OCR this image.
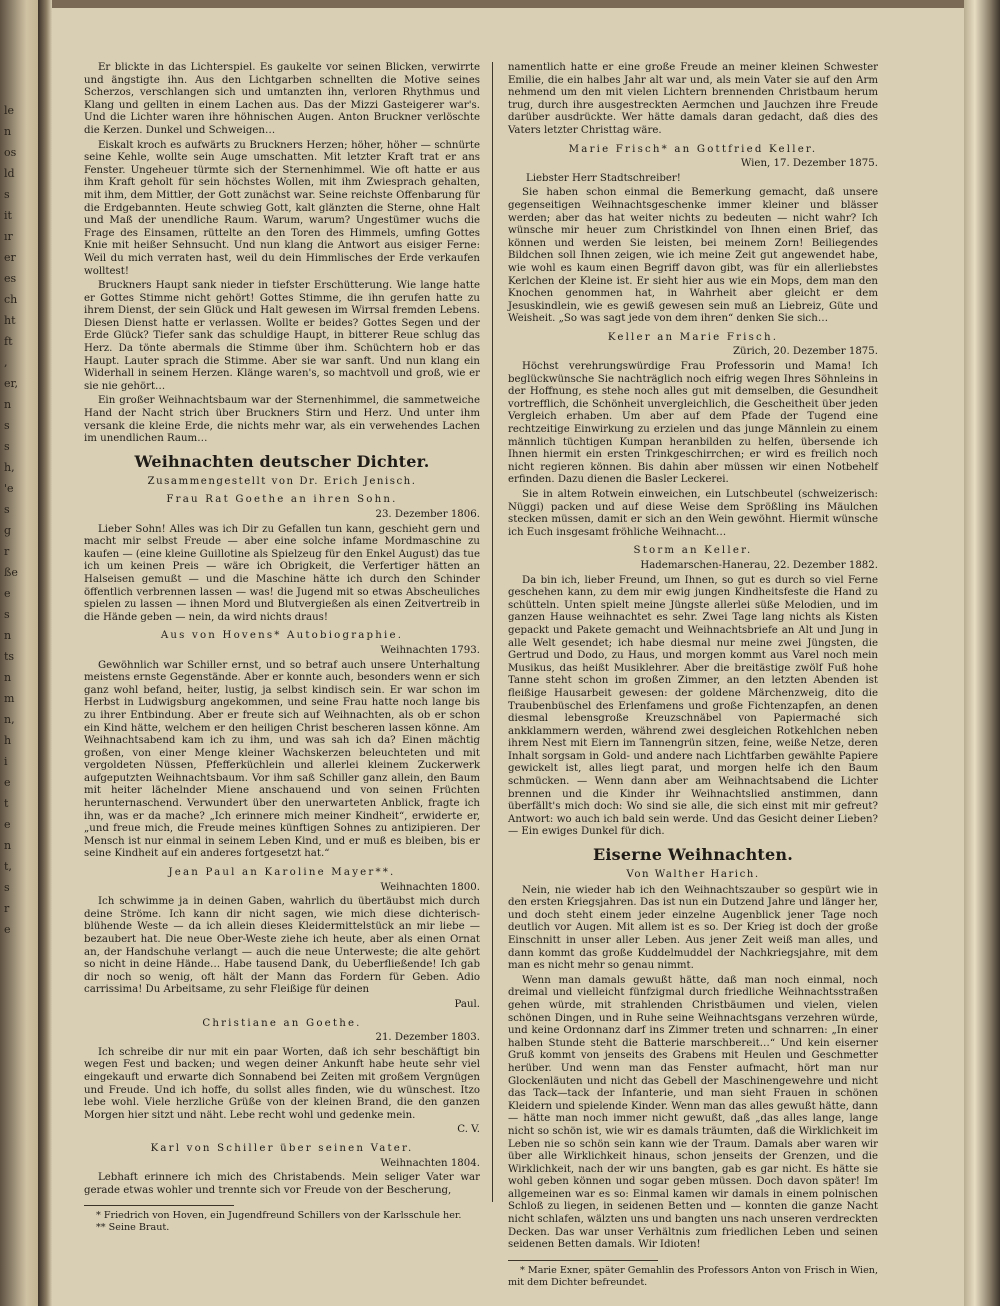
le
n
os
ld
s
it
ır
er
es
ch
ht
ft
,
er,
n
s
s
h,
'e
s
g
r
ße
e
s
n
ts
n
m
n,
h
i
e
t
e
n
t,
s
r
e

Er blickte in das Lichterspiel. Es gaukelte vor seinen Blicken, verwirrte und ängstigte ihn. Aus den Lichtgarben schnellten die Motive seines Scherzos, verschlangen sich und umtanzten ihn, verloren Rhythmus und Klang und gellten in einem Lachen aus. Das der Mizzi Gasteigerer war's. Und die Lichter waren ihre höhnischen Augen. Anton Bruckner verlöschte die Kerzen. Dunkel und Schweigen…

Eiskalt kroch es aufwärts zu Bruckners Herzen; höher, höher — schnürte seine Kehle, wollte sein Auge umschatten. Mit letzter Kraft trat er ans Fenster. Ungeheuer türmte sich der Sternenhimmel. Wie oft hatte er aus ihm Kraft geholt für sein höchstes Wollen, mit ihm Zwiesprach gehalten, mit ihm, dem Mittler, der Gott zunächst war. Seine reichste Offenbarung für die Erdgebannten. Heute schwieg Gott, kalt glänzten die Sterne, ohne Halt und Maß der unendliche Raum. Warum, warum? Ungestümer wuchs die Frage des Einsamen, rüttelte an den Toren des Himmels, umfing Gottes Knie mit heißer Sehnsucht. Und nun klang die Antwort aus eisiger Ferne: Weil du mich verraten hast, weil du dein Himmlisches der Erde verkaufen wolltest!

Bruckners Haupt sank nieder in tiefster Erschütterung. Wie lange hatte er Gottes Stimme nicht gehört! Gottes Stimme, die ihn gerufen hatte zu ihrem Dienst, der sein Glück und Halt gewesen im Wirrsal fremden Lebens. Diesen Dienst hatte er verlassen. Wollte er beides? Gottes Segen und der Erde Glück? Tiefer sank das schuldige Haupt, in bitterer Reue schlug das Herz. Da tönte abermals die Stimme über ihm. Schüchtern hob er das Haupt. Lauter sprach die Stimme. Aber sie war sanft. Und nun klang ein Widerhall in seinem Herzen. Klänge waren's, so machtvoll und groß, wie er sie nie gehört…

Ein großer Weihnachtsbaum war der Sternenhimmel, die sammetweiche Hand der Nacht strich über Bruckners Stirn und Herz. Und unter ihm versank die kleine Erde, die nichts mehr war, als ein verwehendes Lachen im unendlichen Raum…

Weihnachten deutscher Dichter.
Zusammengestellt von Dr. Erich Jenisch.
Frau Rat Goethe an ihren Sohn.
23. Dezember 1806.

Lieber Sohn! Alles was ich Dir zu Gefallen tun kann, geschieht gern und macht mir selbst Freude — aber eine solche infame Mordmaschine zu kaufen — (eine kleine Guillotine als Spielzeug für den Enkel August) das tue ich um keinen Preis — wäre ich Obrigkeit, die Verfertiger hätten an Halseisen gemußt — und die Maschine hätte ich durch den Schinder öffentlich verbrennen lassen — was! die Jugend mit so etwas Abscheuliches spielen zu lassen — ihnen Mord und Blutvergießen als einen Zeitvertreib in die Hände geben — nein, da wird nichts draus!

Aus von Hovens* Autobiographie.
Weihnachten 1793.

Gewöhnlich war Schiller ernst, und so betraf auch unsere Unterhaltung meistens ernste Gegenstände. Aber er konnte auch, besonders wenn er sich ganz wohl befand, heiter, lustig, ja selbst kindisch sein. Er war schon im Herbst in Ludwigsburg angekommen, und seine Frau hatte noch lange bis zu ihrer Entbindung. Aber er freute sich auf Weihnachten, als ob er schon ein Kind hätte, welchem er den heiligen Christ bescheren lassen könne. Am Weihnachtsabend kam ich zu ihm, und was sah ich da? Einen mächtig großen, von einer Menge kleiner Wachskerzen beleuchteten und mit vergoldeten Nüssen, Pfefferküchlein und allerlei kleinem Zuckerwerk aufgeputzten Weihnachtsbaum. Vor ihm saß Schiller ganz allein, den Baum mit heiter lächelnder Miene anschauend und von seinen Früchten herunternaschend. Verwundert über den unerwarteten Anblick, fragte ich ihn, was er da mache? „Ich erinnere mich meiner Kindheit“, erwiderte er, „und freue mich, die Freude meines künftigen Sohnes zu antizipieren. Der Mensch ist nur einmal in seinem Leben Kind, und er muß es bleiben, bis er seine Kindheit auf ein anderes fortgesetzt hat.“

Jean Paul an Karoline Mayer**.
Weihnachten 1800.

Ich schwimme ja in deinen Gaben, wahrlich du übertäubst mich durch deine Ströme. Ich kann dir nicht sagen, wie mich diese dichterisch-blühende Weste — da ich allein dieses Kleidermittelstück an mir liebe — bezaubert hat. Die neue Ober-Weste ziehe ich heute, aber als einen Ornat an, der Handschuhe verlangt — auch die neue Unterweste; die alte gehört so nicht in deine Hände… Habe tausend Dank, du Ueberfließende! Ich gab dir noch so wenig, oft hält der Mann das Fordern für Geben. Adio carrissima! Du Arbeitsame, zu sehr Fleißige für deinen

Paul.
Christiane an Goethe.
21. Dezember 1803.

Ich schreibe dir nur mit ein paar Worten, daß ich sehr beschäftigt bin wegen Fest und backen; und wegen deiner Ankunft habe heute sehr viel eingekauft und erwarte dich Sonnabend bei Zeiten mit großem Vergnügen und Freude. Und ich hoffe, du sollst alles finden, wie du wünschest. Itzo lebe wohl. Viele herzliche Grüße von der kleinen Brand, die den ganzen Morgen hier sitzt und näht. Lebe recht wohl und gedenke mein.

C. V.
Karl von Schiller über seinen Vater.
Weihnachten 1804.

Lebhaft erinnere ich mich des Christabends. Mein seliger Vater war gerade etwas wohler und trennte sich vor Freude von der Bescherung,

* Friedrich von Hoven, ein Jugendfreund Schillers von der Karlsschule her.

** Seine Braut.

namentlich hatte er eine große Freude an meiner kleinen Schwester Emilie, die ein halbes Jahr alt war und, als mein Vater sie auf den Arm nehmend um den mit vielen Lichtern brennenden Christbaum herum trug, durch ihre ausgestreckten Aermchen und Jauchzen ihre Freude darüber ausdrückte. Wer hätte damals daran gedacht, daß dies des Vaters letzter Christtag wäre.

Marie Frisch* an Gottfried Keller.
Wien, 17. Dezember 1875.

Liebster Herr Stadtschreiber!

Sie haben schon einmal die Bemerkung gemacht, daß unsere gegenseitigen Weihnachtsgeschenke immer kleiner und blässer werden; aber das hat weiter nichts zu bedeuten — nicht wahr? Ich wünsche mir heuer zum Christkindel von Ihnen einen Brief, das können und werden Sie leisten, bei meinem Zorn! Beiliegendes Bildchen soll Ihnen zeigen, wie ich meine Zeit gut angewendet habe, wie wohl es kaum einen Begriff davon gibt, was für ein allerliebstes Kerlchen der Kleine ist. Er sieht hier aus wie ein Mops, dem man den Knochen genommen hat, in Wahrheit aber gleicht er dem Jesuskindlein, wie es gewiß gewesen sein muß an Liebreiz, Güte und Weisheit. „So was sagt jede von dem ihren“ denken Sie sich…

Keller an Marie Frisch.
Zürich, 20. Dezember 1875.

Höchst verehrungswürdige Frau Professorin und Mama! Ich beglückwünsche Sie nachträglich noch eifrig wegen Ihres Söhnleins in der Hoffnung, es stehe noch alles gut mit demselben, die Gesundheit vortrefflich, die Schönheit unvergleichlich, die Gescheitheit über jeden Vergleich erhaben. Um aber auf dem Pfade der Tugend eine rechtzeitige Einwirkung zu erzielen und das junge Männlein zu einem männlich tüchtigen Kumpan heranbilden zu helfen, übersende ich Ihnen hiermit ein ersten Trinkgeschirrchen; er wird es freilich noch nicht regieren können. Bis dahin aber müssen wir einen Notbehelf erfinden. Dazu dienen die Basler Leckerei.

Sie in altem Rotwein einweichen, ein Lutschbeutel (schweizerisch: Nüggi) packen und auf diese Weise dem Sprößling ins Mäulchen stecken müssen, damit er sich an den Wein gewöhnt. Hiermit wünsche ich Euch insgesamt fröhliche Weihnacht…

Storm an Keller.
Hademarschen-Hanerau, 22. Dezember 1882.

Da bin ich, lieber Freund, um Ihnen, so gut es durch so viel Ferne geschehen kann, zu dem mir ewig jungen Kindheitsfeste die Hand zu schütteln. Unten spielt meine Jüngste allerlei süße Melodien, und im ganzen Hause weihnachtet es sehr. Zwei Tage lang nichts als Kisten gepackt und Pakete gemacht und Weihnachtsbriefe an Alt und Jung in alle Welt gesendet; ich habe diesmal nur meine zwei Jüngsten, die Gertrud und Dodo, zu Haus, und morgen kommt aus Varel noch mein Musikus, das heißt Musiklehrer. Aber die breitästige zwölf Fuß hohe Tanne steht schon im großen Zimmer, an den letzten Abenden ist fleißige Hausarbeit gewesen: der goldene Märchenzweig, dito die Traubenbüschel des Erlenfamens und große Fichtenzapfen, an denen diesmal lebensgroße Kreuzschnäbel von Papiermaché sich ankklammern werden, während zwei desgleichen Rotkehlchen neben ihrem Nest mit Eiern im Tannengrün sitzen, feine, weiße Netze, deren Inhalt sorgsam in Gold- und andere nach Lichtfarben gewählte Papiere gewickelt ist, alles liegt parat, und morgen helfe ich den Baum schmücken. — Wenn dann aber am Weihnachtsabend die Lichter brennen und die Kinder ihr Weihnachtslied anstimmen, dann überfällt's mich doch: Wo sind sie alle, die sich einst mit mir gefreut? Antwort: wo auch ich bald sein werde. Und das Gesicht deiner Lieben? — Ein ewiges Dunkel für dich.

Eiserne Weihnachten.
Von Walther Harich.

Nein, nie wieder hab ich den Weihnachtszauber so gespürt wie in den ersten Kriegsjahren. Das ist nun ein Dutzend Jahre und länger her, und doch steht einem jeder einzelne Augenblick jener Tage noch deutlich vor Augen. Mit allem ist es so. Der Krieg ist doch der große Einschnitt in unser aller Leben. Aus jener Zeit weiß man alles, und dann kommt das große Kuddelmuddel der Nachkriegsjahre, mit dem man es nicht mehr so genau nimmt.

Wenn man damals gewußt hätte, daß man noch einmal, noch dreimal und vielleicht fünfzigmal durch friedliche Weihnachtsstraßen gehen würde, mit strahlenden Christbäumen und vielen, vielen schönen Dingen, und in Ruhe seine Weihnachtsgans verzehren würde, und keine Ordonnanz darf ins Zimmer treten und schnarren: „In einer halben Stunde steht die Batterie marschbereit…“ Und kein eiserner Gruß kommt von jenseits des Grabens mit Heulen und Geschmetter herüber. Und wenn man das Fenster aufmacht, hört man nur Glockenläuten und nicht das Gebell der Maschinengewehre und nicht das Tack—tack der Infanterie, und man sieht Frauen in schönen Kleidern und spielende Kinder. Wenn man das alles gewußt hätte, dann — hätte man noch immer nicht gewußt, daß „das alles lange, lange nicht so schön ist, wie wir es damals träumten, daß die Wirklichkeit im Leben nie so schön sein kann wie der Traum. Damals aber waren wir über alle Wirklichkeit hinaus, schon jenseits der Grenzen, und die Wirklichkeit, nach der wir uns bangten, gab es gar nicht. Es hätte sie wohl geben können und sogar geben müssen. Doch davon später! Im allgemeinen war es so: Einmal kamen wir damals in einem polnischen Schloß zu liegen, in seidenen Betten und — konnten die ganze Nacht nicht schlafen, wälzten uns und bangten uns nach unseren verdreckten Decken. Das war unser Verhältnis zum friedlichen Leben und seinen seidenen Betten damals. Wir Idioten!

* Marie Exner, später Gemahlin des Professors Anton von Frisch in Wien, mit dem Dichter befreundet.
